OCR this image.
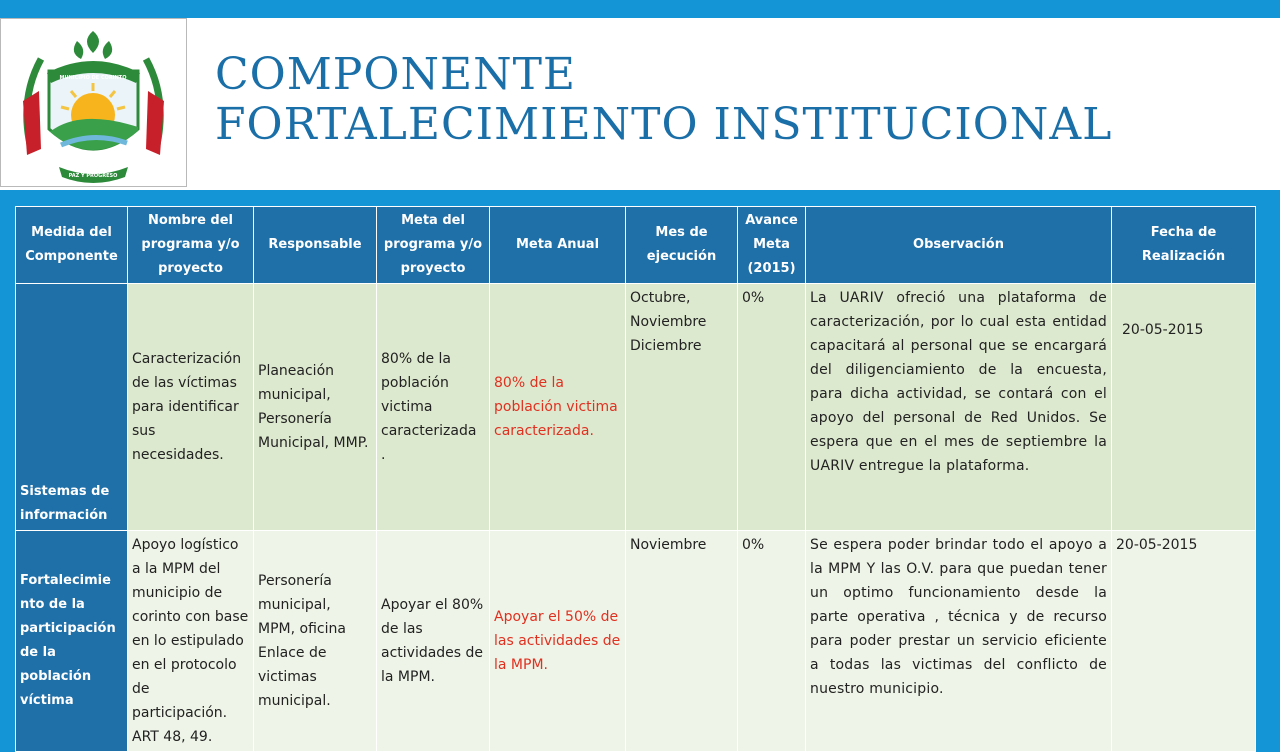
MUNICIPIO DE CORINTO
PAZ Y PROGRESO
COMPONENTE
FORTALECIMIENTO INSTITUCIONAL
Medida del Componente	Nombre del programa y/o proyecto	Responsable	Meta del programa y/o proyecto	Meta Anual	Mes de ejecución	Avance Meta (2015)	Observación	Fecha de Realización
Sistemas de información	Caracterización de las víctimas para identificar sus necesidades.	Planeación municipal, Personería Municipal, MMP.	80% de la población victima caracterizada .	80% de la población victima caracterizada.	Octubre, Noviembre Diciembre	0%	La UARIV ofreció una plataforma de caracterización, por lo cual esta entidad capacitará al personal que se encargará del diligenciamiento de la encuesta, para dicha actividad, se contará con el apoyo del personal de Red Unidos. Se espera que en el mes de septiembre la UARIV entregue la plataforma.	20-05-2015
Fortalecimie nto de la participación de la población víctima	Apoyo logístico a la MPM del municipio de corinto con base en lo estipulado en el protocolo de participación. ART 48, 49.	Personería municipal, MPM, oficina Enlace de victimas municipal.	Apoyar el 80% de las actividades de la MPM.	Apoyar el 50% de las actividades de la MPM.	Noviembre	0%	Se espera poder brindar todo el apoyo a la MPM Y las O.V. para que puedan tener un optimo funcionamiento desde la parte operativa , técnica y de recurso para poder prestar un servicio eficiente a todas las victimas del conflicto de nuestro municipio.	20-05-2015
